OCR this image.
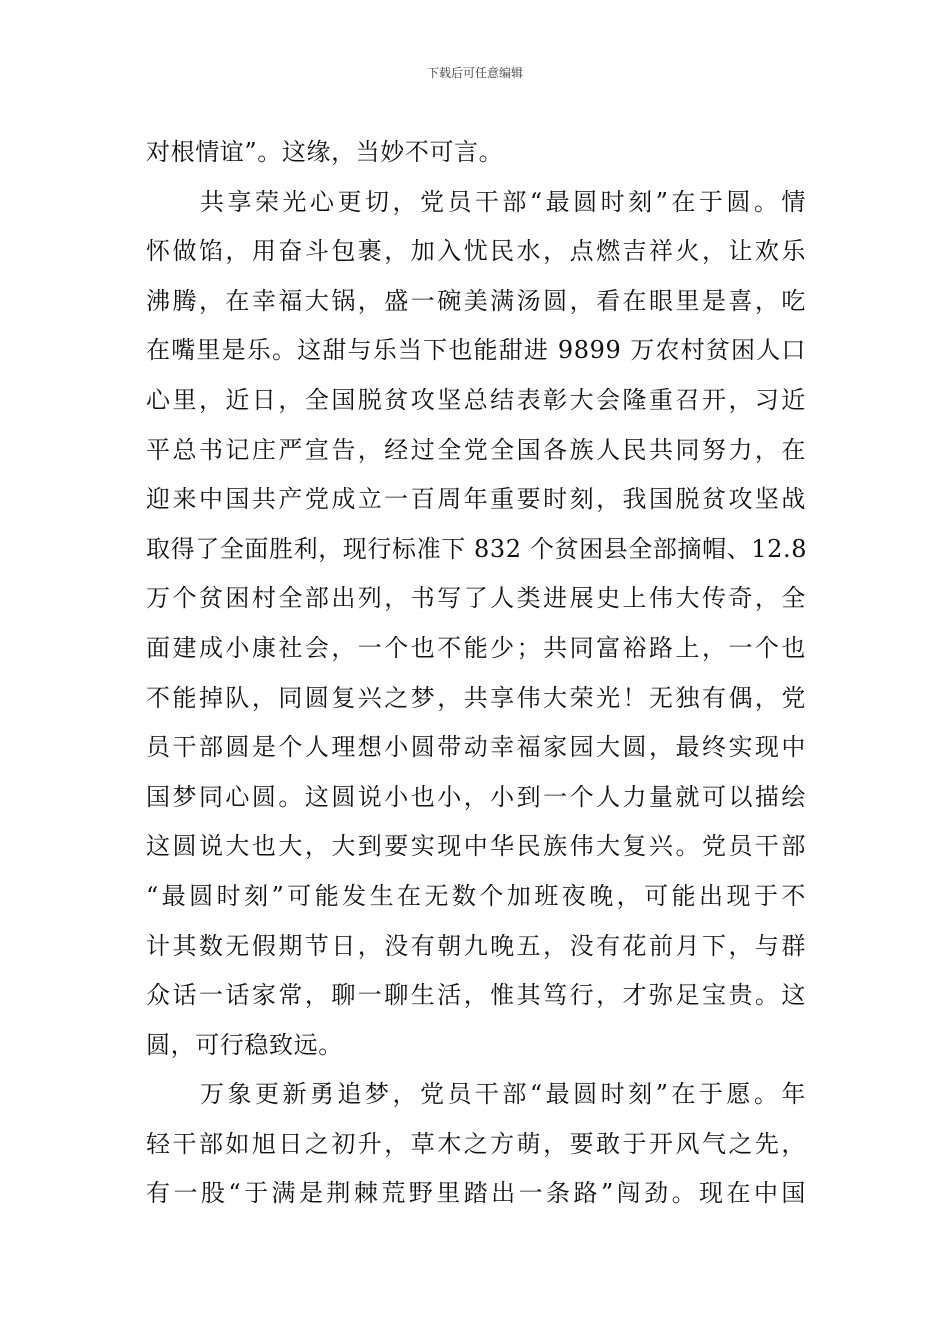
下载后可任意编辑
对根情谊”。这缘，当妙不可言。
共享荣光心更切，党员干部“最圆时刻”在于圆。情
怀做馅，用奋斗包裹，加入忧民水，点燃吉祥火，让欢乐
沸腾，在幸福大锅，盛一碗美满汤圆，看在眼里是喜，吃
在嘴里是乐。这甜与乐当下也能甜进 9899 万农村贫困人口
心里，近日，全国脱贫攻坚总结表彰大会隆重召开，习近
平总书记庄严宣告，经过全党全国各族人民共同努力，在
迎来中国共产党成立一百周年重要时刻，我国脱贫攻坚战
取得了全面胜利，现行标准下 832 个贫困县全部摘帽、12.8
万个贫困村全部出列，书写了人类进展史上伟大传奇，全
面建成小康社会，一个也不能少；共同富裕路上，一个也
不能掉队，同圆复兴之梦，共享伟大荣光！无独有偶，党
员干部圆是个人理想小圆带动幸福家园大圆，最终实现中
国梦同心圆。这圆说小也小，小到一个人力量就可以描绘
这圆说大也大，大到要实现中华民族伟大复兴。党员干部
“最圆时刻”可能发生在无数个加班夜晚，可能出现于不
计其数无假期节日，没有朝九晚五，没有花前月下，与群
众话一话家常，聊一聊生活，惟其笃行，才弥足宝贵。这
圆，可行稳致远。
万象更新勇追梦，党员干部“最圆时刻”在于愿。年
轻干部如旭日之初升，草木之方萌，要敢于开风气之先，
有一股“于满是荆棘荒野里踏出一条路”闯劲。现在中国
